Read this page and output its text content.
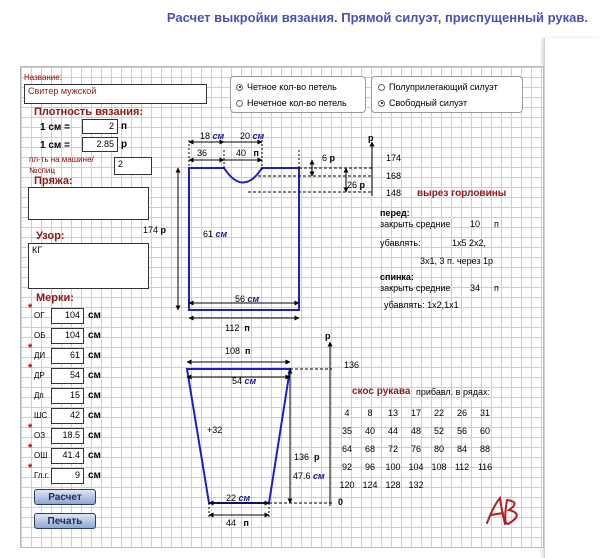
Расчет выкройки вязания. Прямой силуэт, приспущенный рукав.
Название:
Свитер мужской
Плотность вязания:
1 см =	2 п
1 см =	2.85 р
пл-ть на машине/
№спиц
2
Пряжа:
Узор:
КГ
Мерки:
*
ОГ	104 см
ОБ	104 см
*
ДИ	61 см
*
ДР	54 см
Дп	15 см
ШС	42 см
*
ОЗ	18.5 см
*
ОШ	41.4 см
*
Гл.г.	9 см
Расчет
Печать
Четное кол-во петель
Нечетное кол-во петель
Полуприлегающий силуэт
Свободный силуэт
18 см 20 см
36	40 п	6 р
26 р
р
174
168
148 вырез горловины
перед:
закрыть средние 10 п
убавлять:	1х5 2х2,
3х1, 3 п. через 1р
спинка:
закрыть средние 34 п
убавлять: 1х2,1х1
174 р	61 см
56 см
112 п
108 п
54 см
+32
р
136
136 р
47.6 см
22 см
44 п
0
скос рукава прибавл. в рядах:
4	8	13	17	22	26	31
35	40	44	48	52	56	60
64	68	72	76	80	84	88
92	96	100 104 108 112 116
120 124 128 132
